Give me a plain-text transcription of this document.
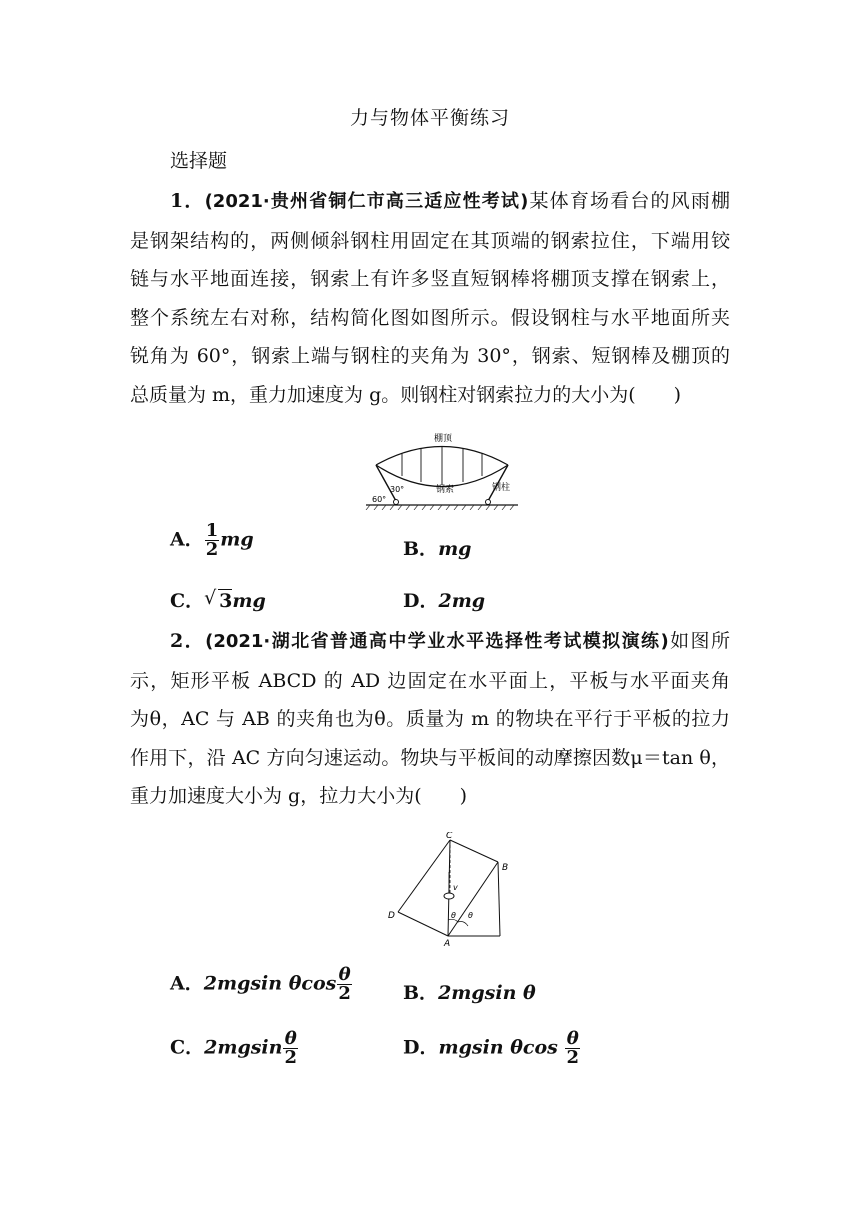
力与物体平衡练习
选择题
1．(2021·贵州省铜仁市高三适应性考试)某体育场看台的风雨棚
是钢架结构的，两侧倾斜钢柱用固定在其顶端的钢索拉住，下端用铰
链与水平地面连接，钢索上有许多竖直短钢棒将棚顶支撑在钢索上，
整个系统左右对称，结构简化图如图所示。假设钢柱与水平地面所夹
锐角为 60°，钢索上端与钢柱的夹角为 30°，钢索、短钢棒及棚顶的
总质量为 m，重力加速度为 g。则钢柱对钢索拉力的大小为(　　)
棚顶
钢索	钢柱
30°
60°
A． $\frac{1}{2}$ mg	B．mg
C．√ 3mg	D．2mg
2．(2021·湖北省普通高中学业水平选择性考试模拟演练)如图所
示，矩形平板 ABCD 的 AD 边固定在水平面上，平板与水平面夹角
为θ，AC 与 AB 的夹角也为θ。质量为 m 的物块在平行于平板的拉力
作用下，沿 AC 方向匀速运动。物块与平板间的动摩擦因数μ＝tan θ，
重力加速度大小为 g，拉力大小为(　　)
C
B
D
A
v
θ θ
A．2mgsin θcos $\frac{\theta}{2}$	B．2mgsin θ
C．$2mgsin \frac{\theta}{2}$	D．mgsin θcos $\frac{\theta}{2}$
